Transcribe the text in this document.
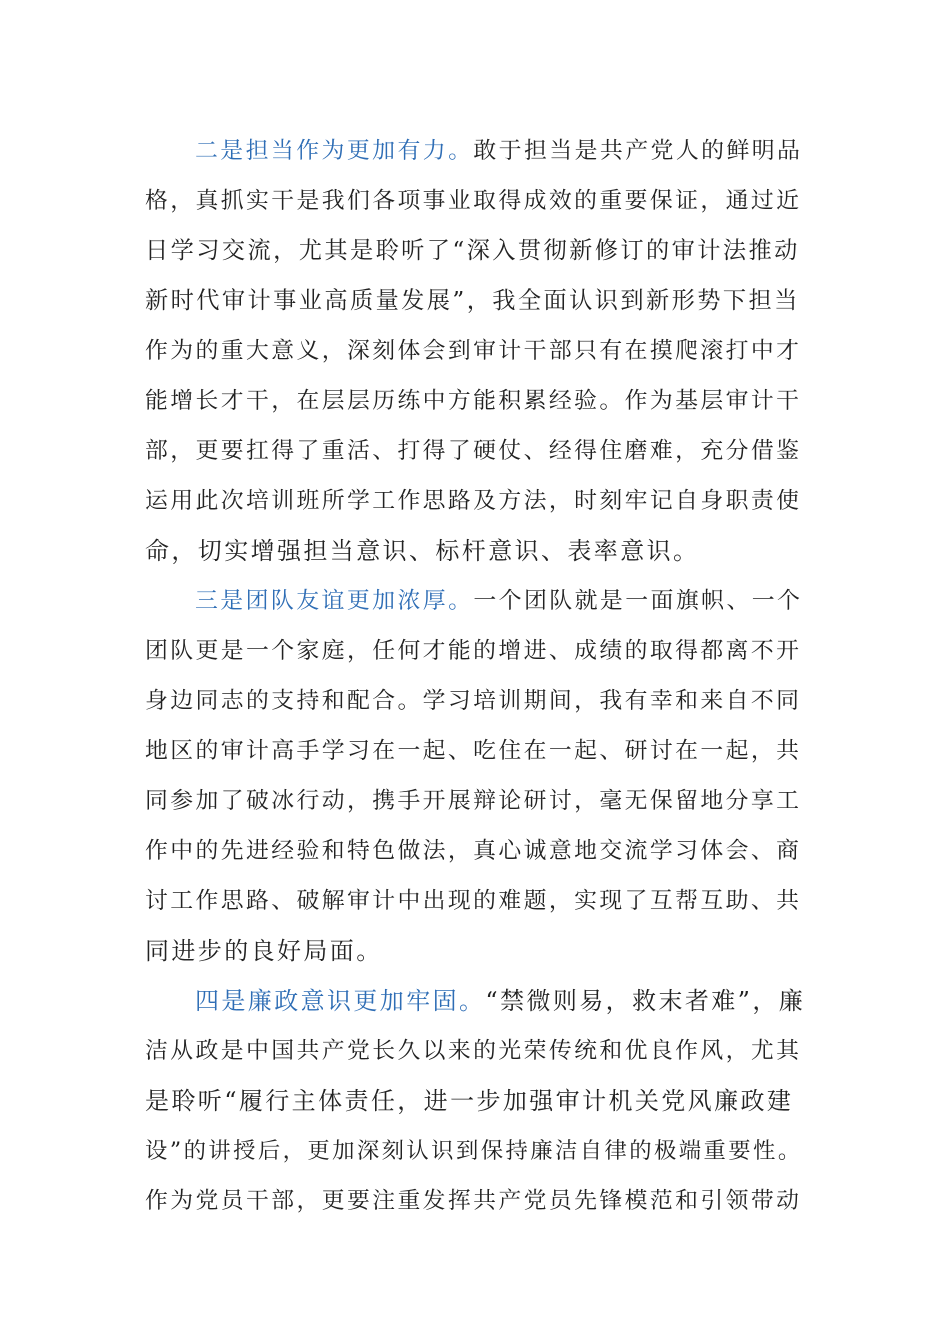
二是担当作为更加有力。敢于担当是共产党人的鲜明品
格，真抓实干是我们各项事业取得成效的重要保证，通过近
日学习交流，尤其是聆听了“深入贯彻新修订的审计法推动
新时代审计事业高质量发展”，我全面认识到新形势下担当
作为的重大意义，深刻体会到审计干部只有在摸爬滚打中才
能增长才干，在层层历练中方能积累经验。作为基层审计干
部，更要扛得了重活、打得了硬仗、经得住磨难，充分借鉴
运用此次培训班所学工作思路及方法，时刻牢记自身职责使
命，切实增强担当意识、标杆意识、表率意识。
三是团队友谊更加浓厚。一个团队就是一面旗帜、一个
团队更是一个家庭，任何才能的增进、成绩的取得都离不开
身边同志的支持和配合。学习培训期间，我有幸和来自不同
地区的审计高手学习在一起、吃住在一起、研讨在一起，共
同参加了破冰行动，携手开展辩论研讨，毫无保留地分享工
作中的先进经验和特色做法，真心诚意地交流学习体会、商
讨工作思路、破解审计中出现的难题，实现了互帮互助、共
同进步的良好局面。
四是廉政意识更加牢固。“禁微则易，救末者难”，廉
洁从政是中国共产党长久以来的光荣传统和优良作风，尤其
是聆听“履行主体责任，进一步加强审计机关党风廉政建
设”的讲授后，更加深刻认识到保持廉洁自律的极端重要性。
作为党员干部，更要注重发挥共产党员先锋模范和引领带动
